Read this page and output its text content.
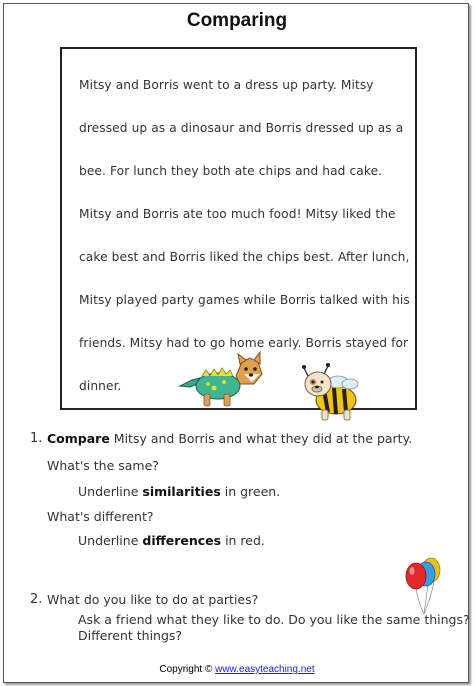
Comparing
Mitsy and Borris went to a dress up party. Mitsy
dressed up as a dinosaur and Borris dressed up as a
bee. For lunch they both ate chips and had cake.
Mitsy and Borris ate too much food! Mitsy liked the
cake best and Borris liked the chips best. After lunch,
Mitsy played party games while Borris talked with his
friends. Mitsy had to go home early. Borris stayed for
dinner.
1. Compare Mitsy and Borris and what they did at the party.
What's the same?
Underline similarities in green.
What's different?
Underline differences in red.
2. What do you like to do at parties?
Ask a friend what they like to do. Do you like the same things?
Different things?
Copyright © www.easyteaching.net
